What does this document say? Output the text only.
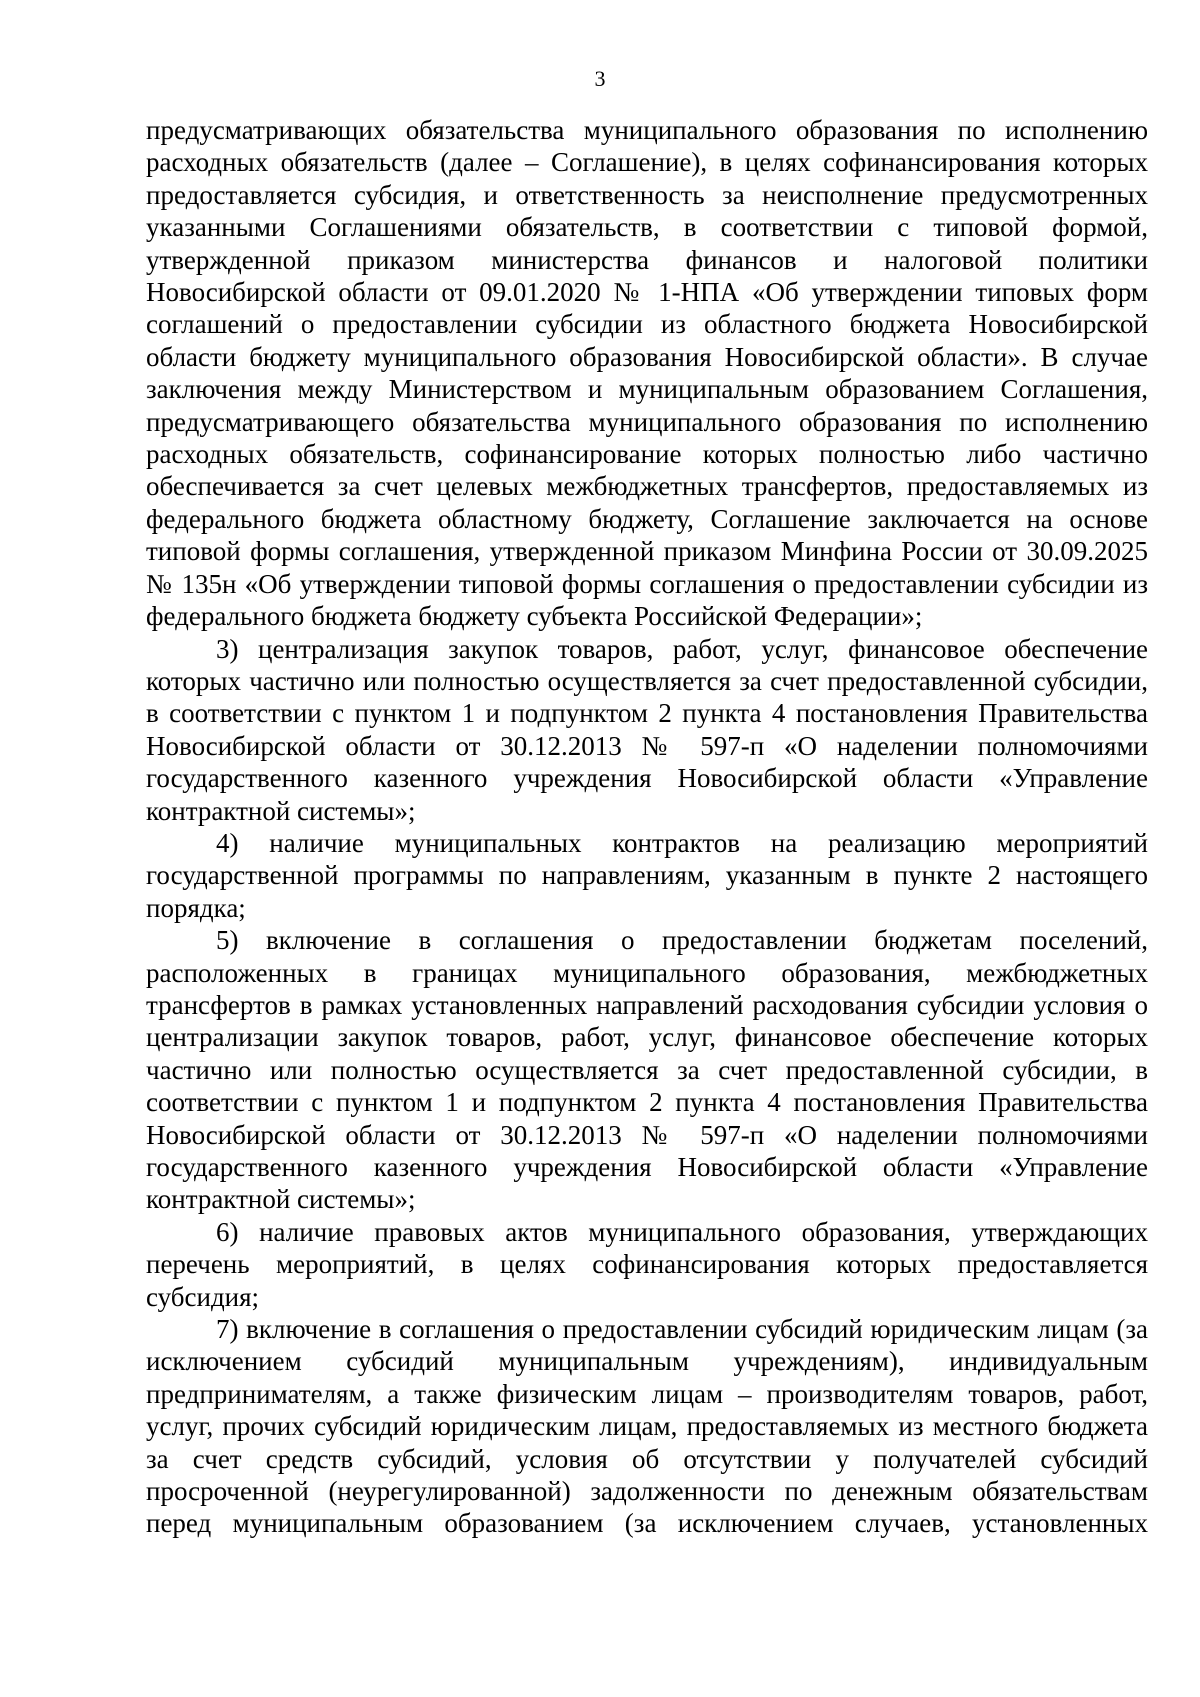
3

предусматривающих обязательства муниципального образования по исполнению расходных обязательств (далее – Соглашение), в целях софинансирования которых предоставляется субсидия, и ответственность за неисполнение предусмотренных указанными Соглашениями обязательств, в соответствии с типовой формой, утвержденной приказом министерства финансов и налоговой политики Новосибирской области от 09.01.2020 № 1-НПА «Об утверждении типовых форм соглашений о предоставлении субсидии из областного бюджета Новосибирской области бюджету муниципального образования Новосибирской области». В случае заключения между Министерством и муниципальным образованием Соглашения, предусматривающего обязательства муниципального образования по исполнению расходных обязательств, софинансирование которых полностью либо частично обеспечивается за счет целевых межбюджетных трансфертов, предоставляемых из федерального бюджета областному бюджету, Соглашение заключается на основе типовой формы соглашения, утвержденной приказом Минфина России от 30.09.2025 № 135н «Об утверждении типовой формы соглашения о предоставлении субсидии из федерального бюджета бюджету субъекта Российской Федерации»;

3) централизация закупок товаров, работ, услуг, финансовое обеспечение которых частично или полностью осуществляется за счет предоставленной субсидии, в соответствии с пунктом 1 и подпунктом 2 пункта 4 постановления Правительства Новосибирской области от 30.12.2013 № 597-п «О наделении полномочиями государственного казенного учреждения Новосибирской области «Управление контрактной системы»;

4) наличие муниципальных контрактов на реализацию мероприятий государственной программы по направлениям, указанным в пункте 2 настоящего порядка;

5) включение в соглашения о предоставлении бюджетам поселений, расположенных в границах муниципального образования, межбюджетных трансфертов в рамках установленных направлений расходования субсидии условия о централизации закупок товаров, работ, услуг, финансовое обеспечение которых частично или полностью осуществляется за счет предоставленной субсидии, в соответствии с пунктом 1 и подпунктом 2 пункта 4 постановления Правительства Новосибирской области от 30.12.2013 № 597-п «О наделении полномочиями государственного казенного учреждения Новосибирской области «Управление контрактной системы»;

6) наличие правовых актов муниципального образования, утверждающих перечень мероприятий, в целях софинансирования которых предоставляется субсидия;

7) включение в соглашения о предоставлении субсидий юридическим лицам (за исключением субсидий муниципальным учреждениям), индивидуальным предпринимателям, а также физическим лицам – производителям товаров, работ, услуг, прочих субсидий юридическим лицам, предоставляемых из местного бюджета за счет средств субсидий, условия об отсутствии у получателей субсидий просроченной (неурегулированной) задолженности по денежным обязательствам перед муниципальным образованием (за исключением случаев, установленных
